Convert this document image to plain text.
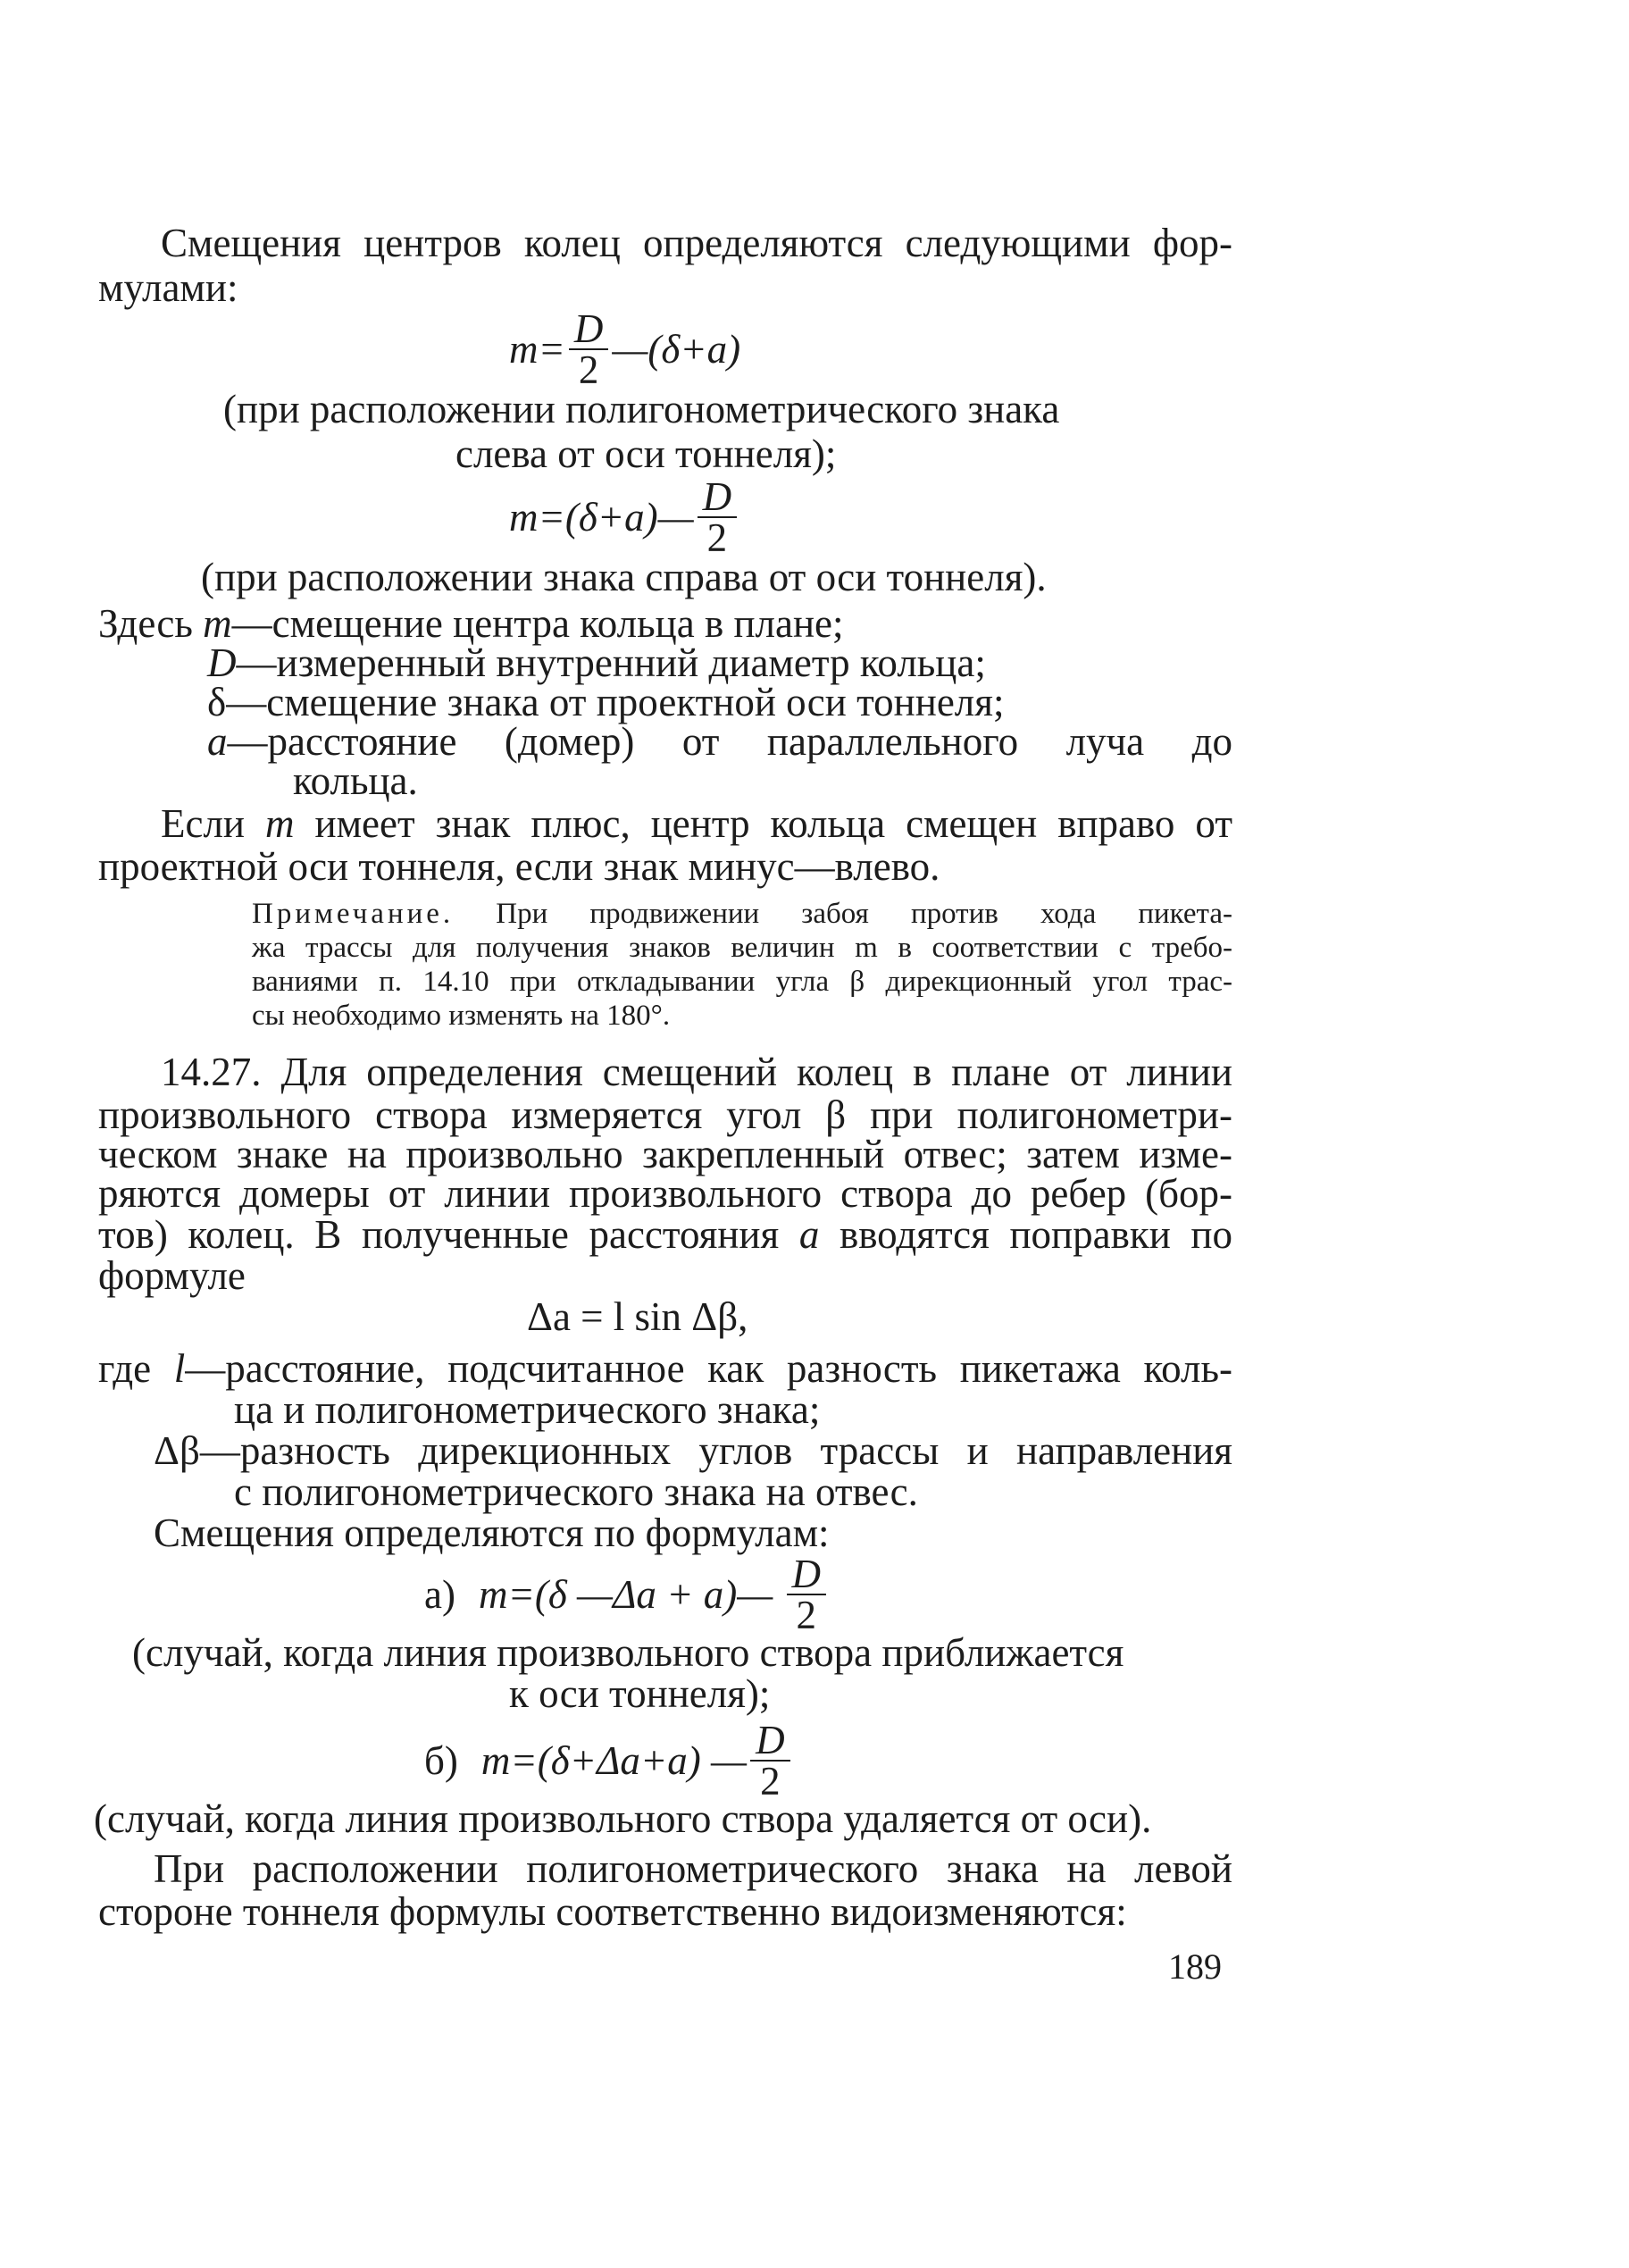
Смещения центров колец определяются следующими фор-
мулами:
$m= \frac{D}{2}$ —(δ+a)
(при расположении полигонометрического знака
слева от оси тоннеля);
m=(δ+a)— $\frac{D}{2}$
(при расположении знака справа от оси тоннеля).
Здесь m—смещение центра кольца в плане;
D—измеренный внутренний диаметр кольца;
δ—смещение знака от проектной оси тоннеля;
a—расстояние (домер) от параллельного луча до
кольца.
Если m имеет знак плюс, центр кольца смещен вправо от
проектной оси тоннеля, если знак минус—влево.
Примечание. При продвижении забоя против хода пикета-
жа трассы для получения знаков величин m в соответствии с требо-
ваниями п. 14.10 при откладывании угла β дирекционный угол трас-
сы необходимо изменять на 180°.
14.27. Для определения смещений колец в плане от линии
произвольного створа измеряется угол β при полигонометри-
ческом знаке на произвольно закрепленный отвес; затем изме-
ряются домеры от линии произвольного створа до ребер (бор-
тов) колец. В полученные расстояния a вводятся поправки по
формуле
Δa = l sin Δβ,
где l—расстояние, подсчитанное как разность пикетажа коль-
ца и полигонометрического знака;
Δβ—разность дирекционных углов трассы и направления
с полигонометрического знака на отвес.
Смещения определяются по формулам:
а) m=(δ —Δa + a)— $\frac{D}{2}$
(случай, когда линия произвольного створа приближается
к оси тоннеля);
б) m=(δ+Δa+a) — $\frac{D}{2}$
(случай, когда линия произвольного створа удаляется от оси).
При расположении полигонометрического знака на левой
стороне тоннеля формулы соответственно видоизменяются:
189
